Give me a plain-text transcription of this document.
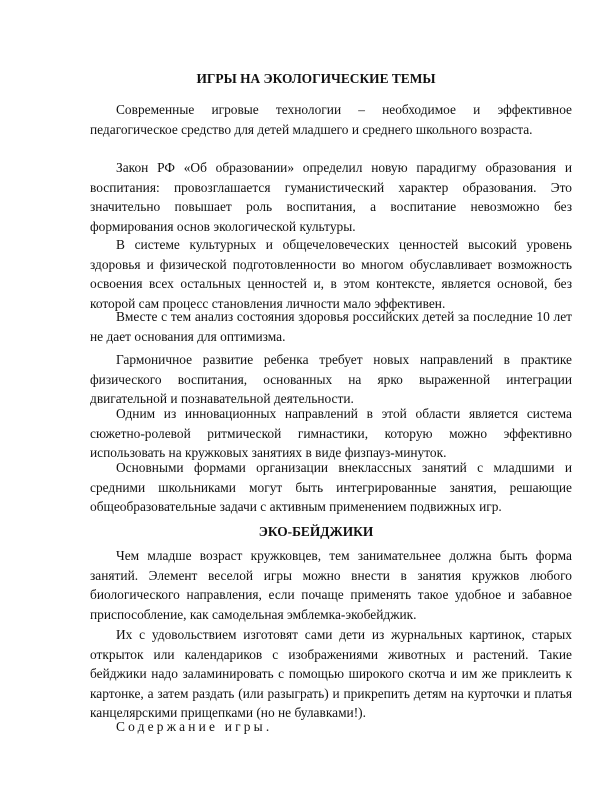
ИГРЫ НА ЭКОЛОГИЧЕСКИЕ ТЕМЫ

Современные игровые технологии – необходимое и эффективное педагогическое средство для детей младшего и среднего школьного возраста.

Закон РФ «Об образовании» определил новую парадигму образования и воспитания: провозглашается гуманистический характер образования. Это значительно повышает роль воспитания, а воспитание невозможно без формирования основ экологической культуры.

В системе культурных и общечеловеческих ценностей высокий уровень здоровья и физической подготовленности во многом обуславливает возможность освоения всех остальных ценностей и, в этом контексте, является основой, без которой сам процесс становления личности мало эффективен.

Вместе с тем анализ состояния здоровья российских детей за последние 10 лет не дает основания для оптимизма.

Гармоничное развитие ребенка требует новых направлений в практике физического воспитания, основанных на ярко выраженной интеграции двигательной и познавательной деятельности.

Одним из инновационных направлений в этой области является система сюжетно-ролевой ритмической гимнастики, которую можно эффективно использовать на кружковых занятиях в виде физпауз-минуток.

Основными формами организации внеклассных занятий с младшими и средними школьниками могут быть интегрированные занятия, решающие общеобразовательные задачи с активным применением подвижных игр.

ЭКО-БЕЙДЖИКИ

Чем младше возраст кружковцев, тем занимательнее должна быть форма занятий. Элемент веселой игры можно внести в занятия кружков любого биологического направления, если почаще применять такое удобное и забавное приспособление, как самодельная эмблемка-экобейджик.

Их с удовольствием изготовят сами дети из журнальных картинок, старых открыток или календариков с изображениями животных и растений. Такие бейджики надо заламинировать с помощью широкого скотча и им же приклеить к картонке, а затем раздать (или разыграть) и прикрепить детям на курточки и платья канцелярскими прищепками (но не булавками!).

Содержание игры.
